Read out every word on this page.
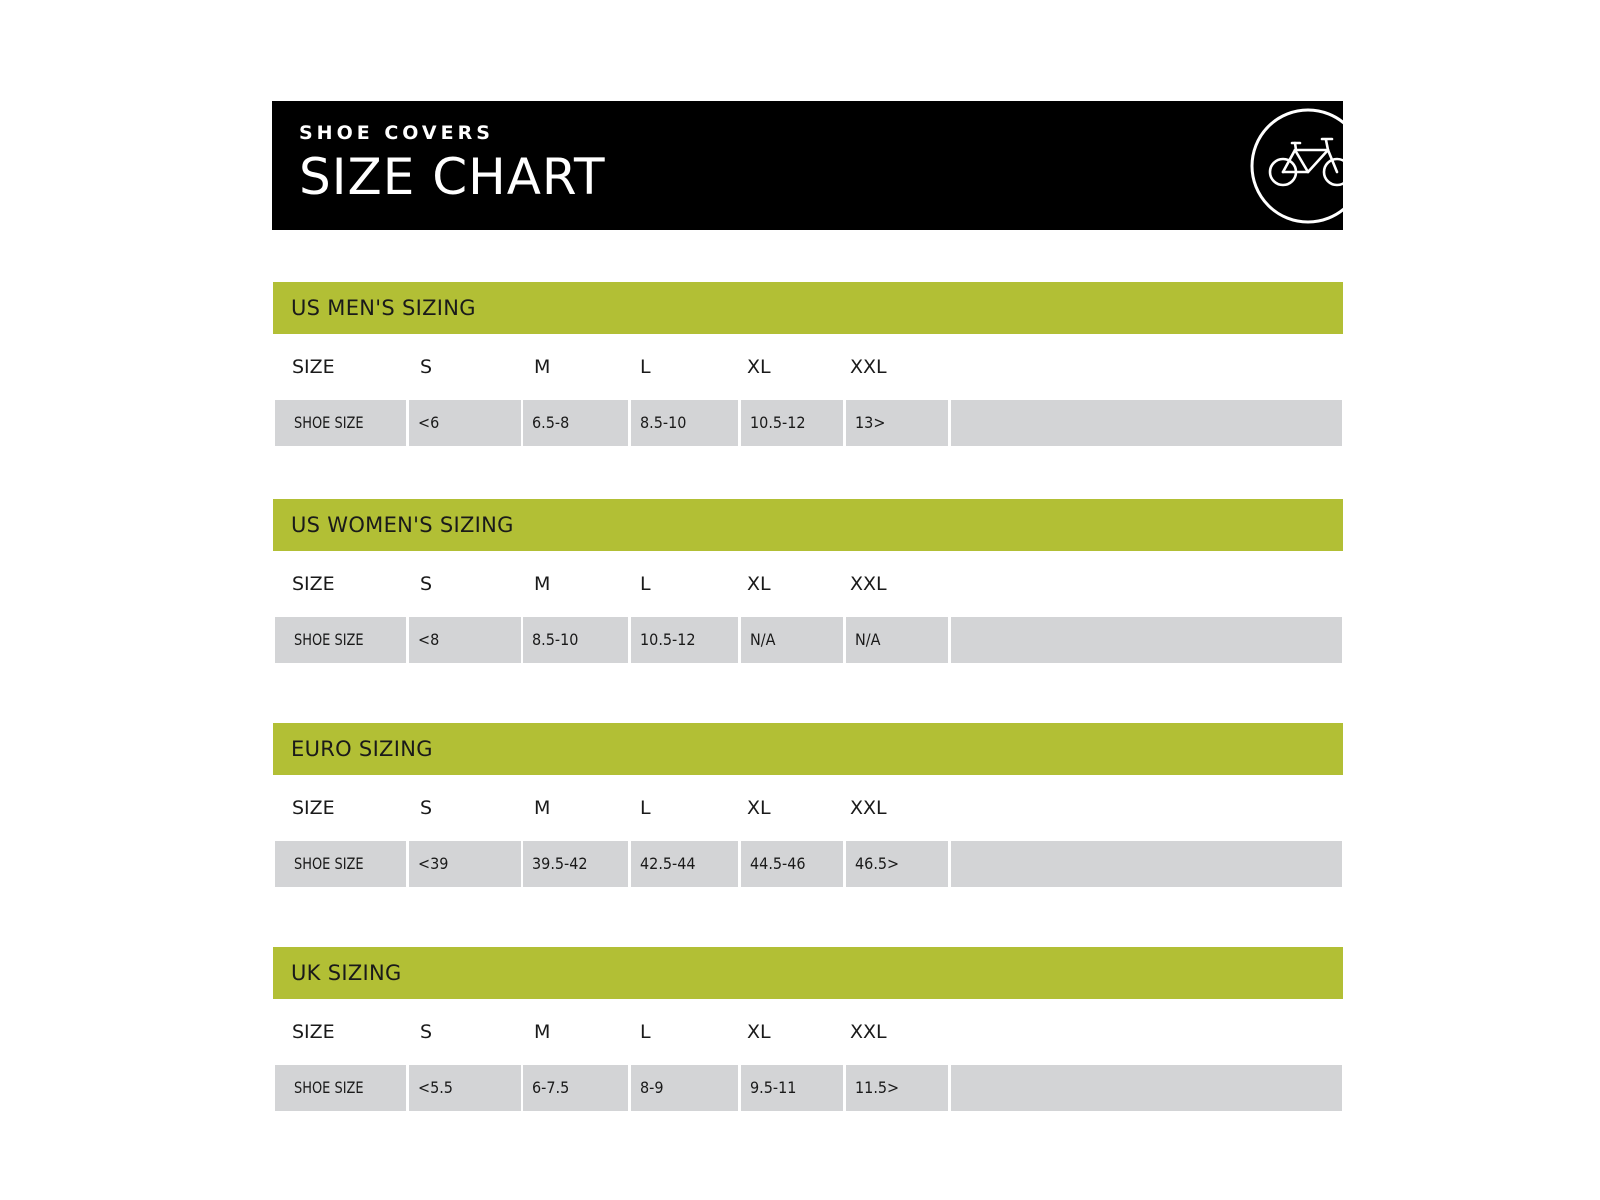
SHOE COVERS
SIZE CHART
US MEN'S SIZING
SIZE	S	M	L	XL	XXL
SHOE SIZE	<6	6.5-8	8.5-10	10.5-12	13>
US WOMEN'S SIZING
SIZE	S	M	L	XL	XXL
SHOE SIZE	<8	8.5-10	10.5-12	N/A	N/A
EURO SIZING
SIZE	S	M	L	XL	XXL
SHOE SIZE	<39	39.5-42	42.5-44	44.5-46	46.5>
UK SIZING
SIZE	S	M	L	XL	XXL
SHOE SIZE	<5.5	6-7.5	8-9	9.5-11	11.5>
